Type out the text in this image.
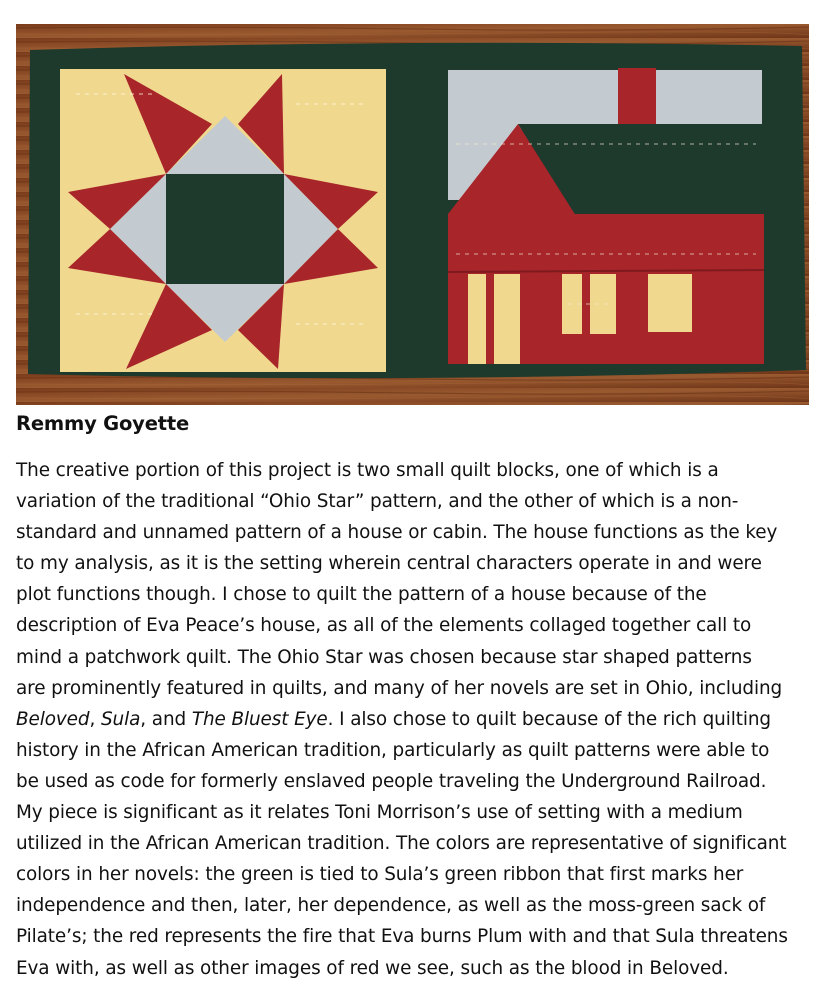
Remmy Goyette

The creative portion of this project is two small quilt blocks, one of which is a
variation of the traditional “Ohio Star” pattern, and the other of which is a non-
standard and unnamed pattern of a house or cabin. The house functions as the key
to my analysis, as it is the setting wherein central characters operate in and were
plot functions though. I chose to quilt the pattern of a house because of the
description of Eva Peace’s house, as all of the elements collaged together call to
mind a patchwork quilt. The Ohio Star was chosen because star shaped patterns
are prominently featured in quilts, and many of her novels are set in Ohio, including
Beloved, Sula, and The Bluest Eye. I also chose to quilt because of the rich quilting
history in the African American tradition, particularly as quilt patterns were able to
be used as code for formerly enslaved people traveling the Underground Railroad.
My piece is significant as it relates Toni Morrison’s use of setting with a medium
utilized in the African American tradition. The colors are representative of significant
colors in her novels: the green is tied to Sula’s green ribbon that first marks her
independence and then, later, her dependence, as well as the moss-green sack of
Pilate’s; the red represents the fire that Eva burns Plum with and that Sula threatens
Eva with, as well as other images of red we see, such as the blood in Beloved.
